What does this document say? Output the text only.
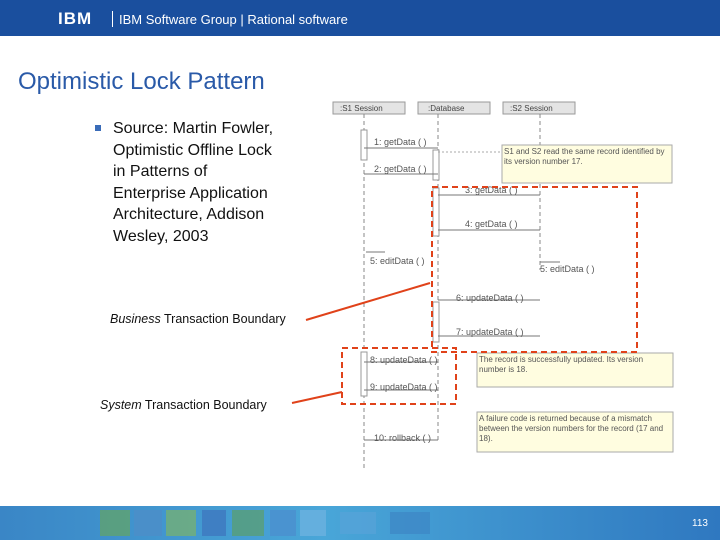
IBM IBM Software Group | Rational software
Optimistic Lock Pattern
Source: Martin Fowler,
Optimistic Offline Lock
in Patterns of
Enterprise Application
Architecture, Addison
Wesley, 2003
Business Transaction Boundary
System Transaction Boundary
:S1 Session	:Database	:S2 Session
1: getData ( )
2: getData ( )
3: getData ( )
4: getData ( )
5: editData ( )
5: editData ( )
6: updateData ( )
7: updateData ( )
8: updateData ( )
9: updateData ( )
10: rollback ( )
S1 and S2 read the same record identified by its version number 17.
The record is successfully updated. Its version number is 18.
A failure code is returned because of a mismatch between the version numbers for the record (17 and 18).
113
